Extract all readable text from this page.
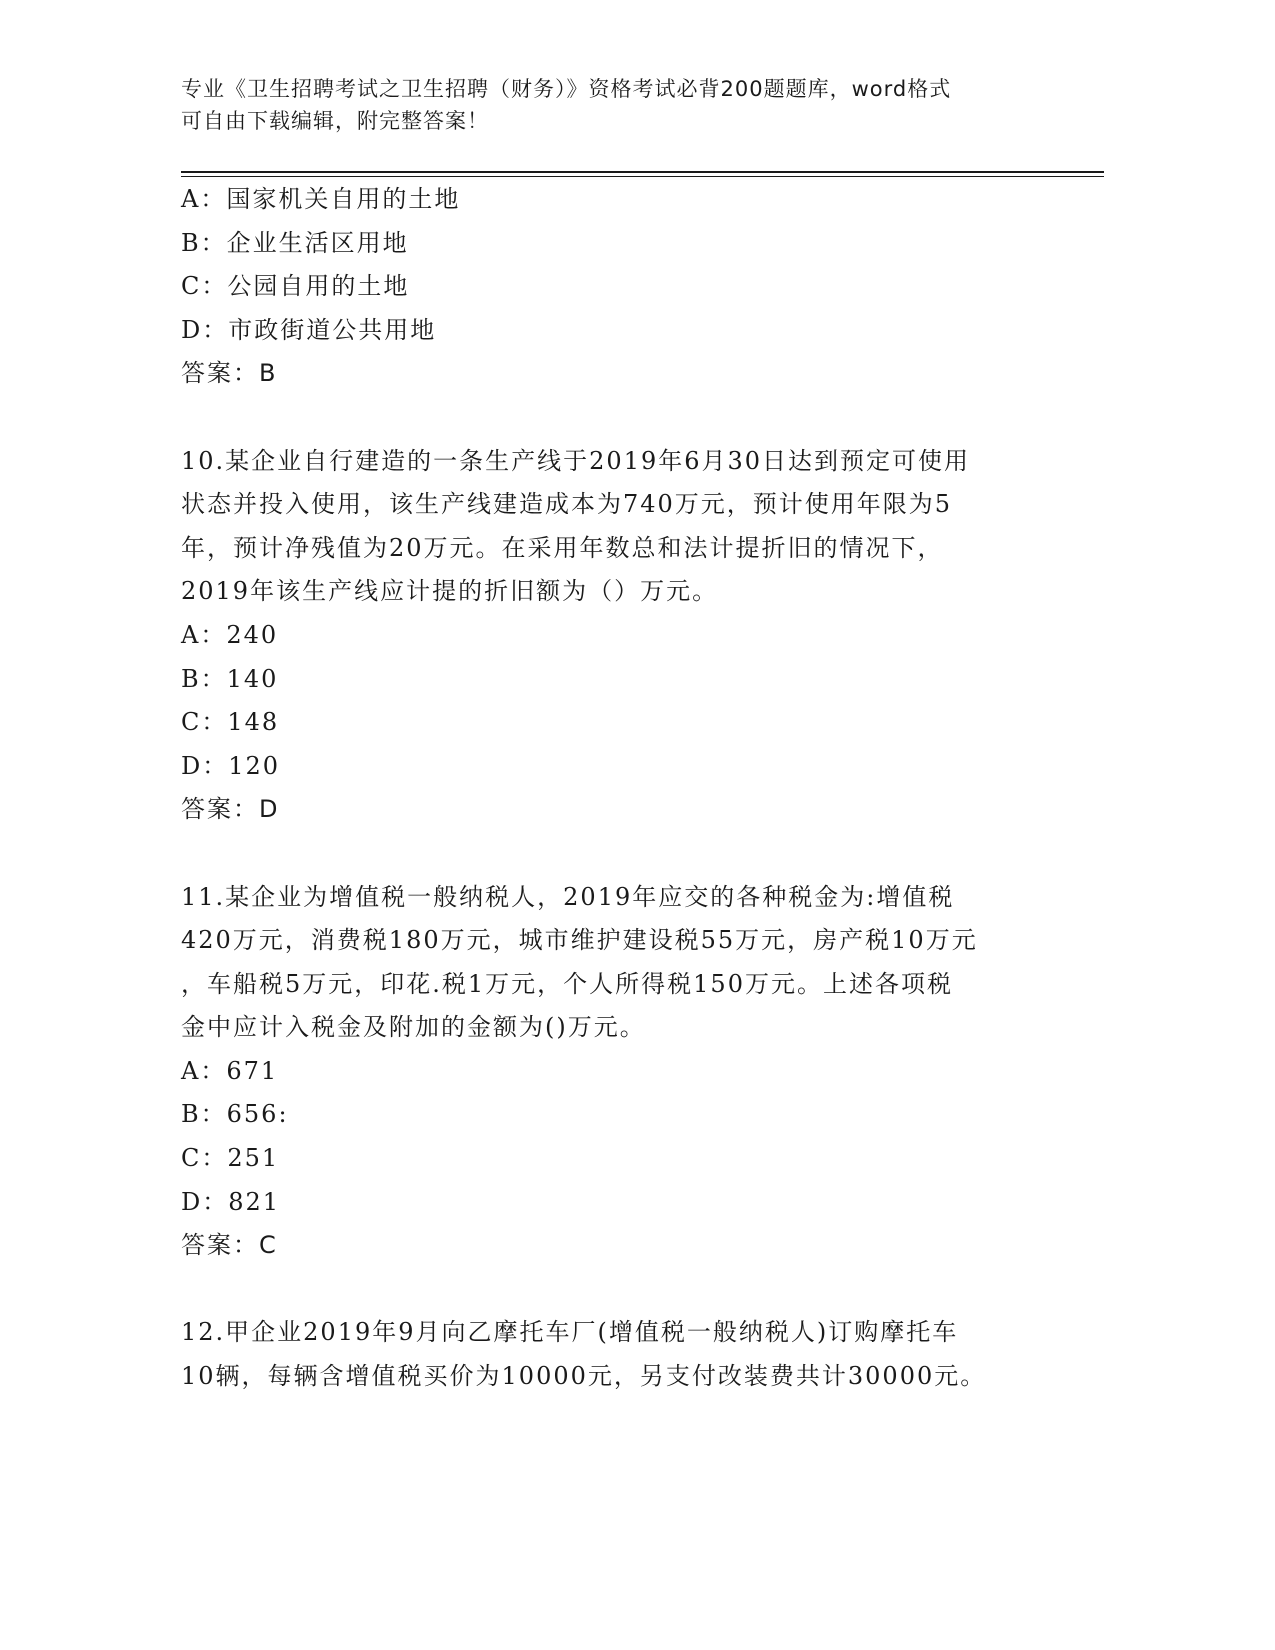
专业《卫生招聘考试之卫生招聘（财务）》资格考试必背200题题库，word格式
可自由下载编辑，附完整答案！
A：国家机关自用的土地
B：企业生活区用地
C：公园自用的土地
D：市政街道公共用地
答案：B
10.某企业自行建造的一条生产线于2019年6月30日达到预定可使用
状态并投入使用，该生产线建造成本为740万元，预计使用年限为5
年，预计净残值为20万元。在采用年数总和法计提折旧的情况下，
2019年该生产线应计提的折旧额为（）万元。
A：240
B：140
C：148
D：120
答案：D
11.某企业为增值税一般纳税人，2019年应交的各种税金为:增值税
420万元，消费税180万元，城市维护建设税55万元，房产税10万元
，车船税5万元，印花.税1万元，个人所得税150万元。上述各项税
金中应计入税金及附加的金额为()万元。
A：671
B：656:
C：251
D：821
答案：C
12.甲企业2019年9月向乙摩托车厂(增值税一般纳税人)订购摩托车
10辆，每辆含增值税买价为10000元，另支付改装费共计30000元。
